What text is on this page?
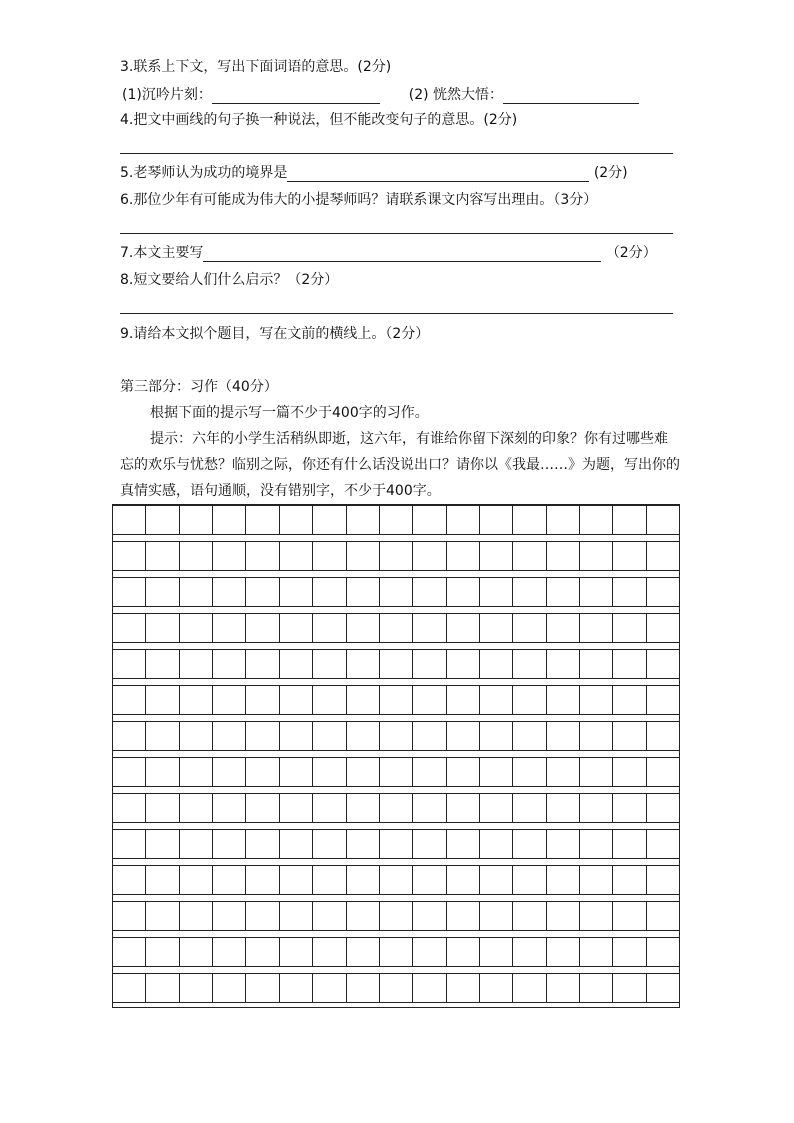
3.联系上下文，写出下面词语的意思。(2分)
(1)沉吟片刻：	(2) 恍然大悟：
4.把文中画线的句子换一种说法，但不能改变句子的意思。(2分)
5.老琴师认为成功的境界是	(2分)
6.那位少年有可能成为伟大的小提琴师吗？请联系课文内容写出理由。（3分）
7.本文主要写	（2分）
8.短文要给人们什么启示？（2分）
9.请给本文拟个题目，写在文前的横线上。（2分）
第三部分：习作（40分）
根据下面的提示写一篇不少于400字的习作。
提示：六年的小学生活稍纵即逝，这六年，有谁给你留下深刻的印象？你有过哪些难忘的欢乐与忧愁？临别之际，你还有什么话没说出口？请你以《我最……》为题，写出你的真情实感，语句通顺，没有错别字，不少于400字。
